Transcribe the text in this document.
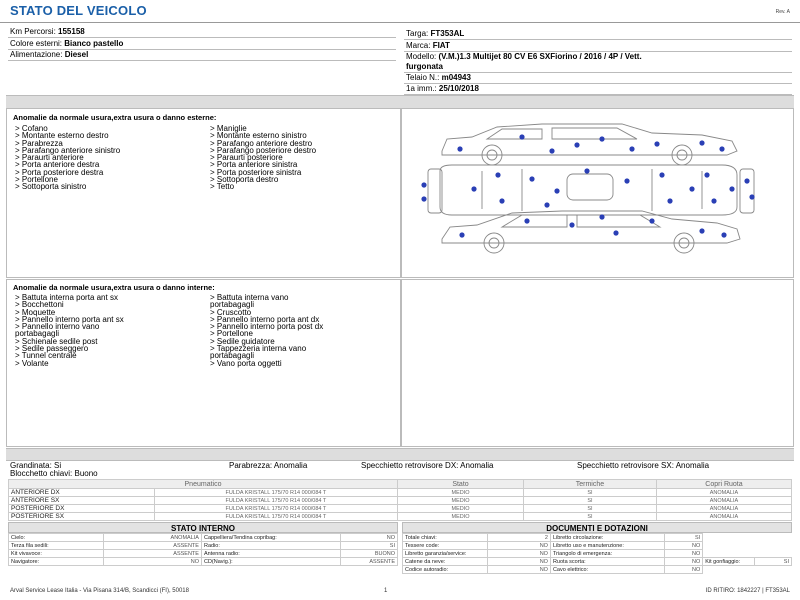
STATO DEL VEICOLO	Rev. A
Km Percorsi: 155158
Colore esterni: Bianco pastello
Alimentazione: Diesel
Targa: FT353AL
Marca: FIAT
Modello: (V.M.)1.3 Multijet 80 CV E6 SXFiorino / 2016 / 4P / Vett.
furgonata
Telaio N.: m04943
1a imm.: 25/10/2018
Anomalie da normale usura,extra usura o danno esterne:
> Cofano
> Montante esterno destro
> Parabrezza
> Parafango anteriore sinistro
> Paraurti anteriore
> Porta anteriore destra
> Porta posteriore destra
> Portellone
> Sottoporta sinistro
> Maniglie
> Montante esterno sinistro
> Parafango anteriore destro
> Parafango posteriore destro
> Paraurti posteriore
> Porta anteriore sinistra
> Porta posteriore sinistra
> Sottoporta destro
> Tetto
Anomalie da normale usura,extra usura o danno interne:
> Battuta interna porta ant sx
> Bocchettoni
> Moquette
> Pannello interno porta ant sx
> Pannello interno vano
portabagagli
> Schienale sedile post
> Sedile passeggero
> Tunnel centrale
> Volante
> Battuta interna vano
portabagagli
> Cruscotto
> Pannello interno porta ant dx
> Pannello interno porta post dx
> Portellone
> Sedile guidatore
> Tappezzeria interna vano
portabagagli
> Vano porta oggetti
Grandinata: Si
Blocchetto chiavi: Buono
Parabrezza: Anomalia	Specchietto retrovisore DX: Anomalia	Specchietto retrovisore SX: Anomalia
Pneumatico		Stato	Termiche	Copri Ruota
ANTERIORE DX	FULDA KRISTALL 175/70 R14 000/084 T	MEDIO	SI	ANOMALIA
ANTERIORE SX	FULDA KRISTALL 175/70 R14 000/084 T	MEDIO	SI	ANOMALIA
POSTERIORE DX	FULDA KRISTALL 175/70 R14 000/084 T	MEDIO	SI	ANOMALIA
POSTERIORE SX	FULDA KRISTALL 175/70 R14 000/084 T	MEDIO	SI	ANOMALIA
STATO INTERNO
Cielo:	ANOMALIA	Cappelliera/Tendina copribag:	NO
Terza fila sedili:	ASSENTE	Radio:	SI
Kit vivavoce:	ASSENTE	Antenna radio:	BUONO
Navigatore:	NO	CD(Navig.):	ASSENTE
DOCUMENTI E DOTAZIONI
Totale chiavi:	2	Libretto circolazione:	SI		
Tessere code:	NO	Libretto uso e manutenzione:	NO		
Libretto garanzia/service:	NO	Triangolo di emergenza:	NO		
Catene da neve:	NO	Ruota scorta:	NO	Kit gonfiaggio:	SI
Codice autoradio:	NO	Cavo elettrico:	NO		
Arval Service Lease Italia - Via Pisana 314/B, Scandicci (FI), 50018	1	ID RITIRO: 1842227 | FT353AL
